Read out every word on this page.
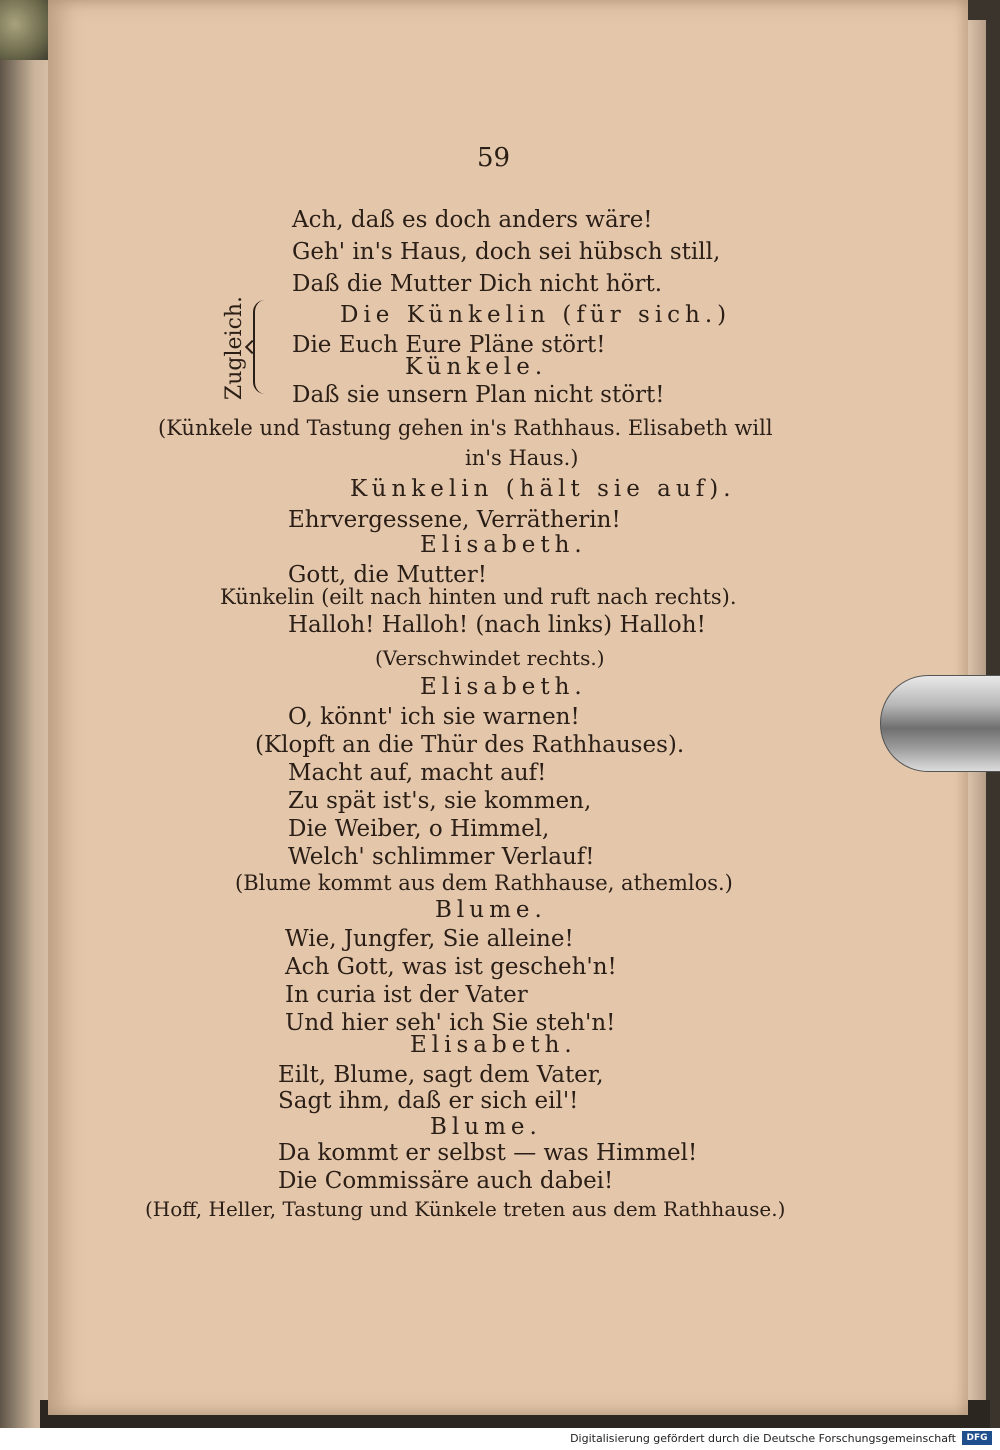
59
Zugleich.
Ach, daß es doch anders wäre!
Geh' in's Haus, doch sei hübsch still,
Daß die Mutter Dich nicht hört.
Die Künkelin (für sich.)
Die Euch Eure Pläne stört!
Künkele.
Daß sie unsern Plan nicht stört!
(Künkele und Tastung gehen in's Rathhaus. Elisabeth will
in's Haus.)
Künkelin (hält sie auf).
Ehrvergessene, Verrätherin!
Elisabeth.
Gott, die Mutter!
Künkelin (eilt nach hinten und ruft nach rechts).
Halloh! Halloh! (nach links) Halloh!
(Verschwindet rechts.)
Elisabeth.
O, könnt' ich sie warnen!
(Klopft an die Thür des Rathhauses).
Macht auf, macht auf!
Zu spät ist's, sie kommen,
Die Weiber, o Himmel,
Welch' schlimmer Verlauf!
(Blume kommt aus dem Rathhause, athemlos.)
Blume.
Wie, Jungfer, Sie alleine!
Ach Gott, was ist gescheh'n!
In curia ist der Vater
Und hier seh' ich Sie steh'n!
Elisabeth.
Eilt, Blume, sagt dem Vater,
Sagt ihm, daß er sich eil'!
Blume.
Da kommt er selbst — was Himmel!
Die Commissäre auch dabei!
(Hoff, Heller, Tastung und Künkele treten aus dem Rathhause.)
Digitalisierung gefördert durch die Deutsche Forschungsgemeinschaft	DFG
